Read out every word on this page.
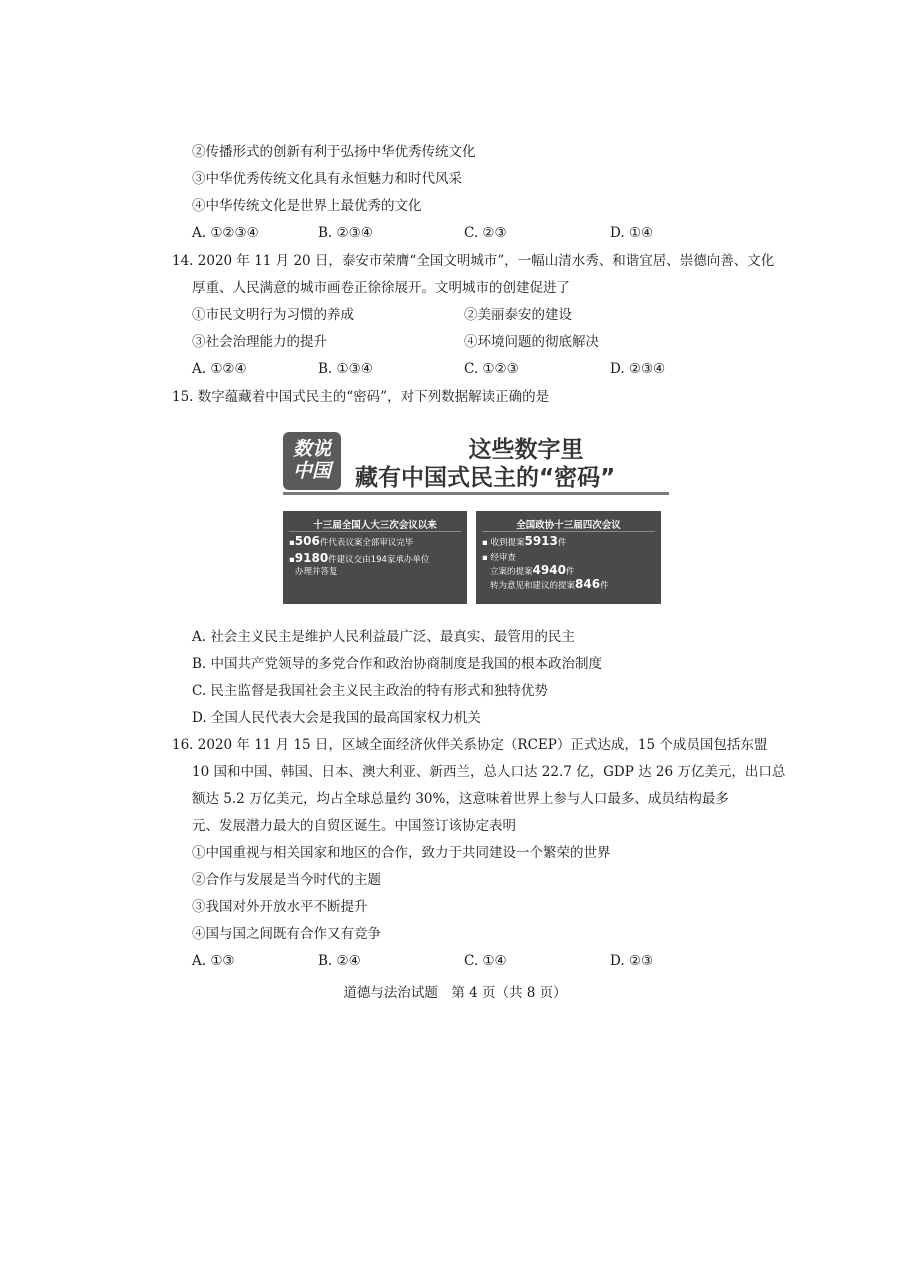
②传播形式的创新有利于弘扬中华优秀传统文化
③中华优秀传统文化具有永恒魅力和时代风采
④中华传统文化是世界上最优秀的文化
A. ①②③④	B. ②③④	C. ②③	D. ①④
14. 2020 年 11 月 20 日，泰安市荣膺“全国文明城市”，一幅山清水秀、和谐宜居、崇德向善、文化
厚重、人民满意的城市画卷正徐徐展开。文明城市的创建促进了
①市民文明行为习惯的养成	②美丽泰安的建设
③社会治理能力的提升	④环境问题的彻底解决
A. ①②④	B. ①③④	C. ①②③	D. ②③④
15. 数字蕴藏着中国式民主的“密码”，对下列数据解读正确的是
数说
中国
这些数字里
藏有中国式民主的“密码”
十三届全国人大三次会议以来
▪506件代表议案全部审议完毕
▪9180件建议交由194家承办单位
办理并答复
全国政协十三届四次会议
▪ 收到提案5913件
▪ 经审查
立案的提案4940件
转为意见和建议的提案846件
A. 社会主义民主是维护人民利益最广泛、最真实、最管用的民主
B. 中国共产党领导的多党合作和政治协商制度是我国的根本政治制度
C. 民主监督是我国社会主义民主政治的特有形式和独特优势
D. 全国人民代表大会是我国的最高国家权力机关
16. 2020 年 11 月 15 日，区域全面经济伙伴关系协定（RCEP）正式达成，15 个成员国包括东盟
10 国和中国、韩国、日本、澳大利亚、新西兰，总人口达 22.7 亿，GDP 达 26 万亿美元，出口总
额达 5.2 万亿美元，均占全球总量约 30%，这意味着世界上参与人口最多、成员结构最多
元、发展潜力最大的自贸区诞生。中国签订该协定表明
①中国重视与相关国家和地区的合作，致力于共同建设一个繁荣的世界
②合作与发展是当今时代的主题
③我国对外开放水平不断提升
④国与国之间既有合作又有竞争
A. ①③	B. ②④	C. ①④	D. ②③
道德与法治试题　第 4 页（共 8 页）
